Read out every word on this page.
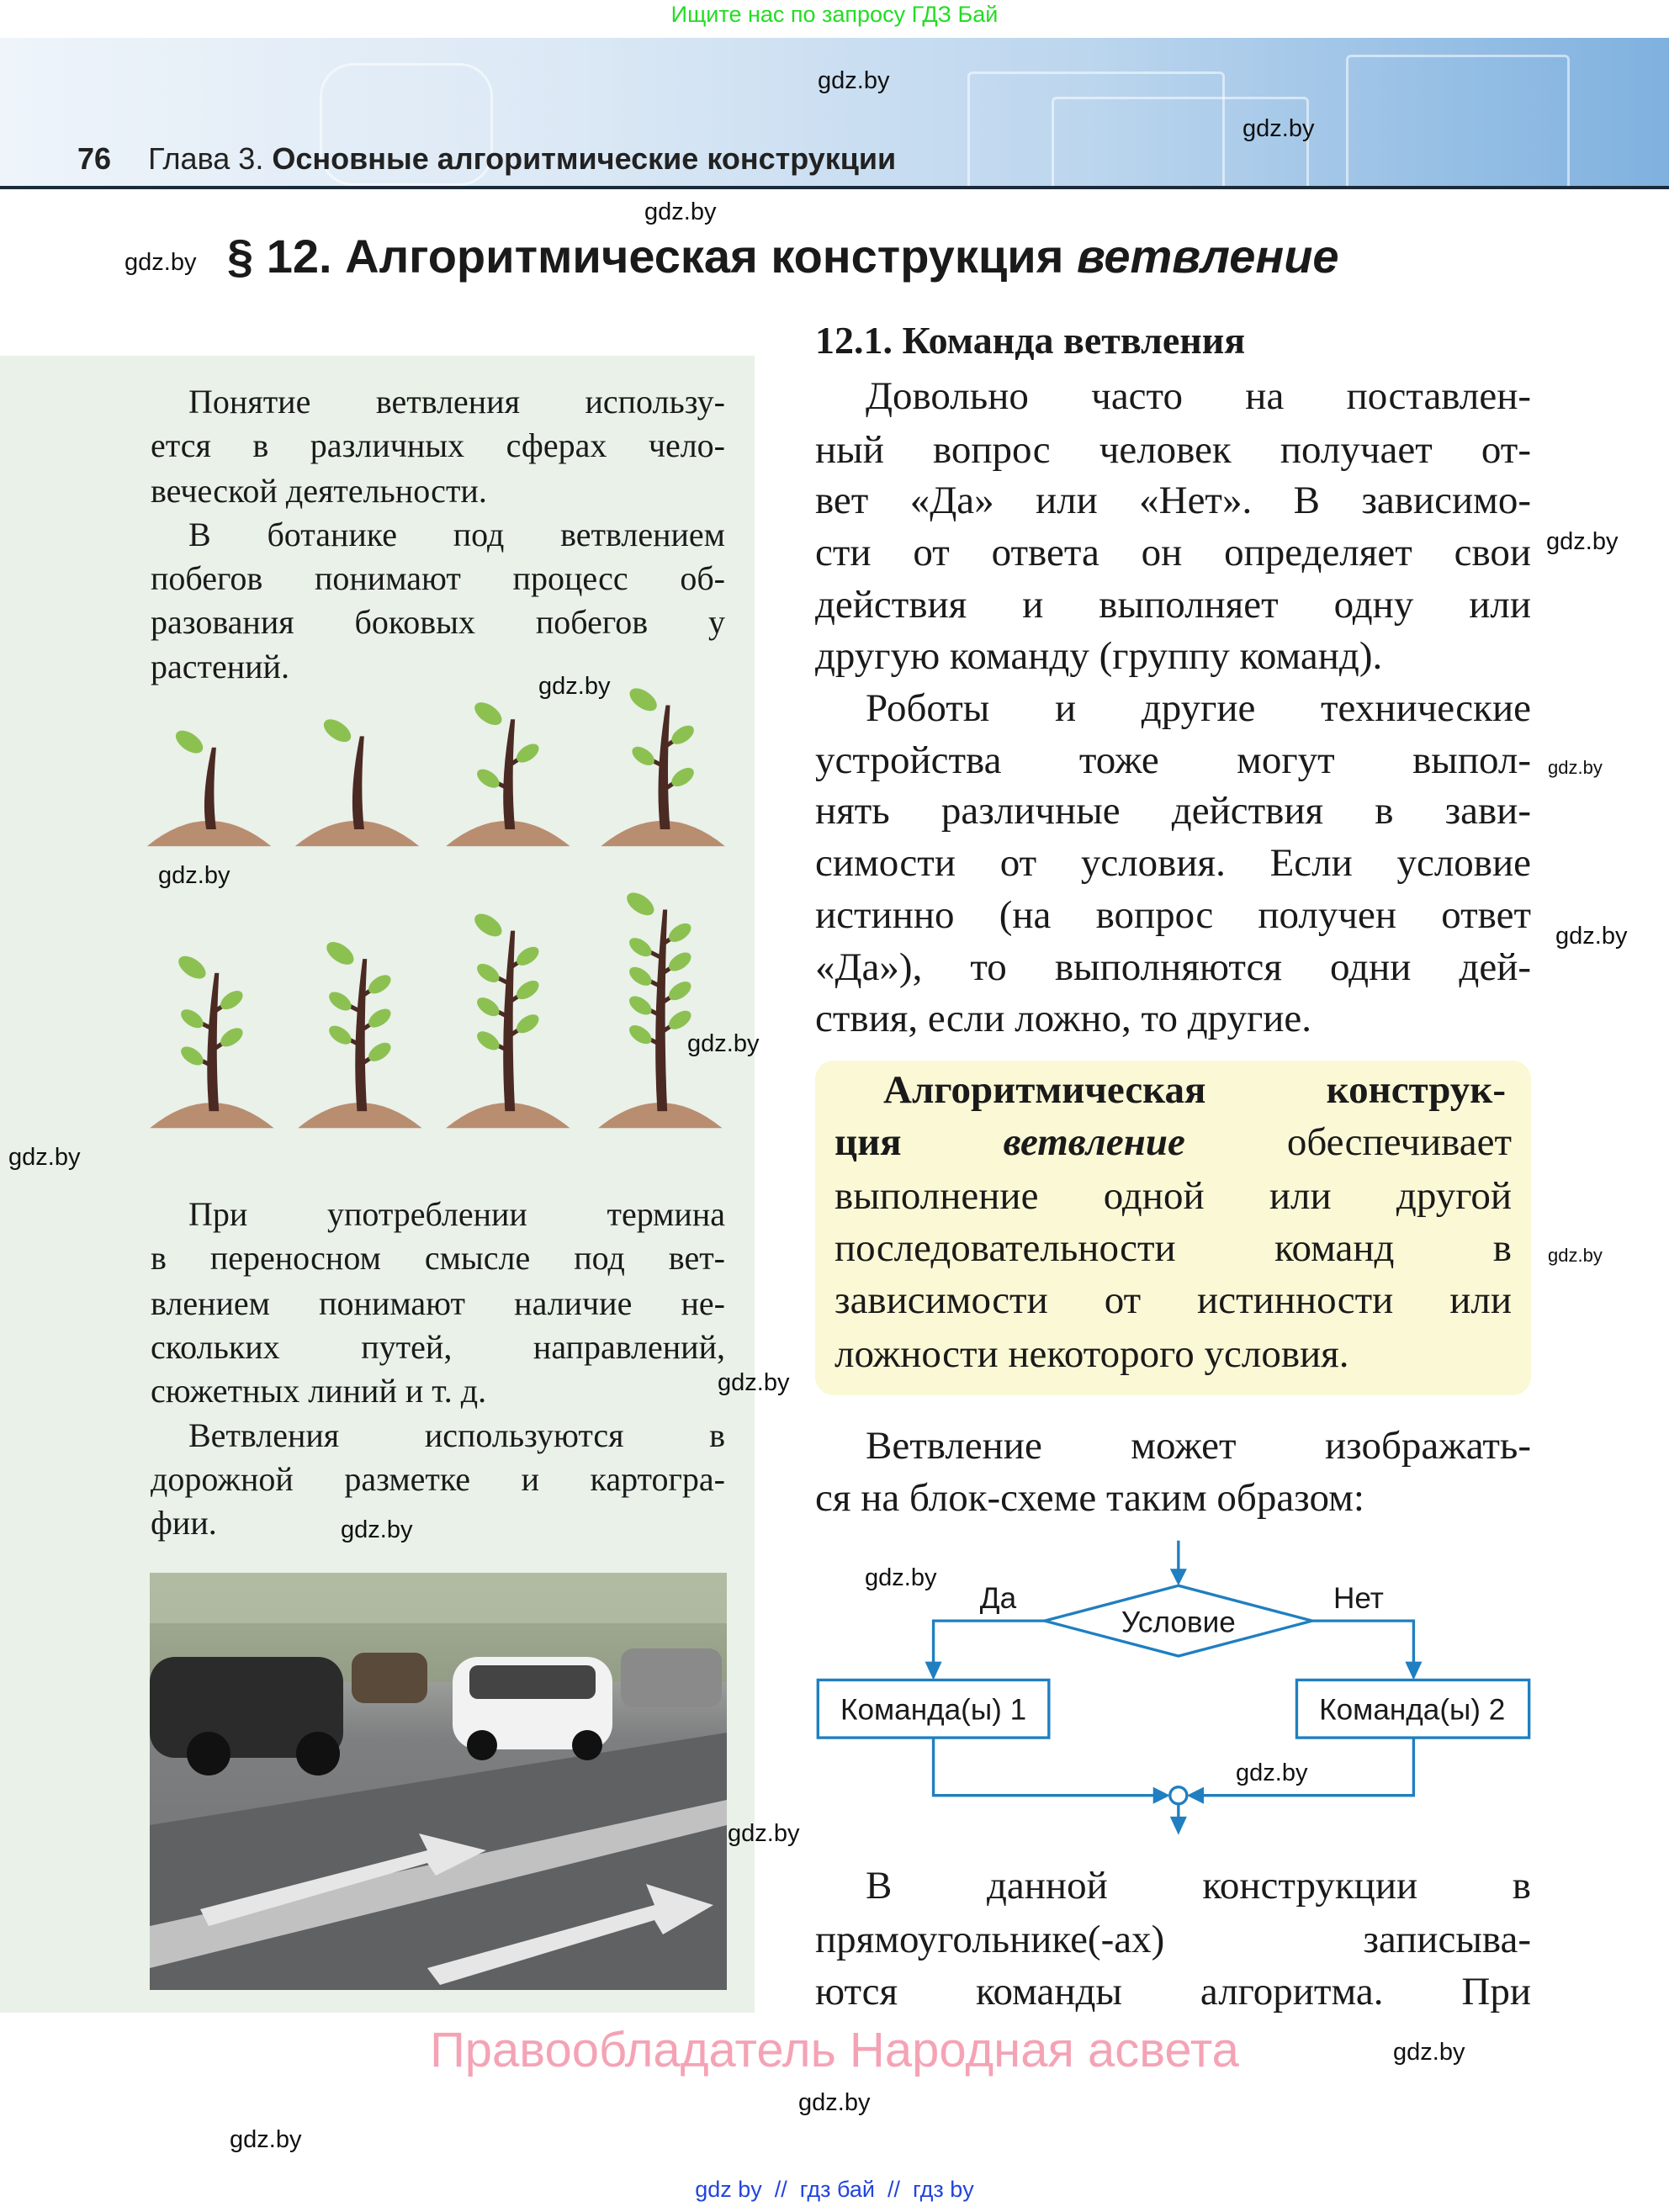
Ищите нас по запросу ГДЗ Бай
76 Глава 3. Основные алгоритмические конструкции
§ 12. Алгоритмическая конструкция ветвление
Понятие ветвления использу-
ется в различных сферах чело-
веческой деятельности.
В ботанике под ветвлением
побегов понимают процесс об-
разования боковых побегов у
растений.
При употреблении термина
в переносном смысле под вет-
влением понимают наличие не-
скольких путей, направлений,
сюжетных линий и т. д.
Ветвления используются в
дорожной разметке и картогра-
фии.
12.1. Команда ветвления
Алгоритмическая конструк-
ция	ветвление	обеспечивает
Довольно часто на поставлен-
ный вопрос человек получает от-
вет «Да» или «Нет». В зависимо-
сти от ответа он определяет свои
действия и выполняет одну или
другую команду (группу команд).
Роботы и другие технические
устройства тоже могут выпол-
нять различные действия в зави-
симости от условия. Если условие
истинно (на вопрос получен ответ
«Да»), то выполняются одни дей-
ствия, если ложно, то другие.
Ветвление может изображать-
ся на блок-схеме таким образом:
В данной конструкции в
прямоугольнике(-ах) записыва-
ются команды алгоритма. При
выполнение одной или другой
последовательности команд в
зависимости от истинности или
ложности некоторого условия.
Условие
Да	Нет
Команда(ы) 1	Команда(ы) 2
gdz.by
gdz.by
gdz.by
gdz.by
gdz.by
gdz.by
gdz.by
gdz.by
gdz.by
gdz.by
gdz.by
gdz.by
gdz.by
gdz.by
gdz.by
gdz.by
gdz.by
gdz.by
gdz.by
gdz.by
Правообладатель Народная асвета
gdz by  //  гдз бай  //  гдз by
